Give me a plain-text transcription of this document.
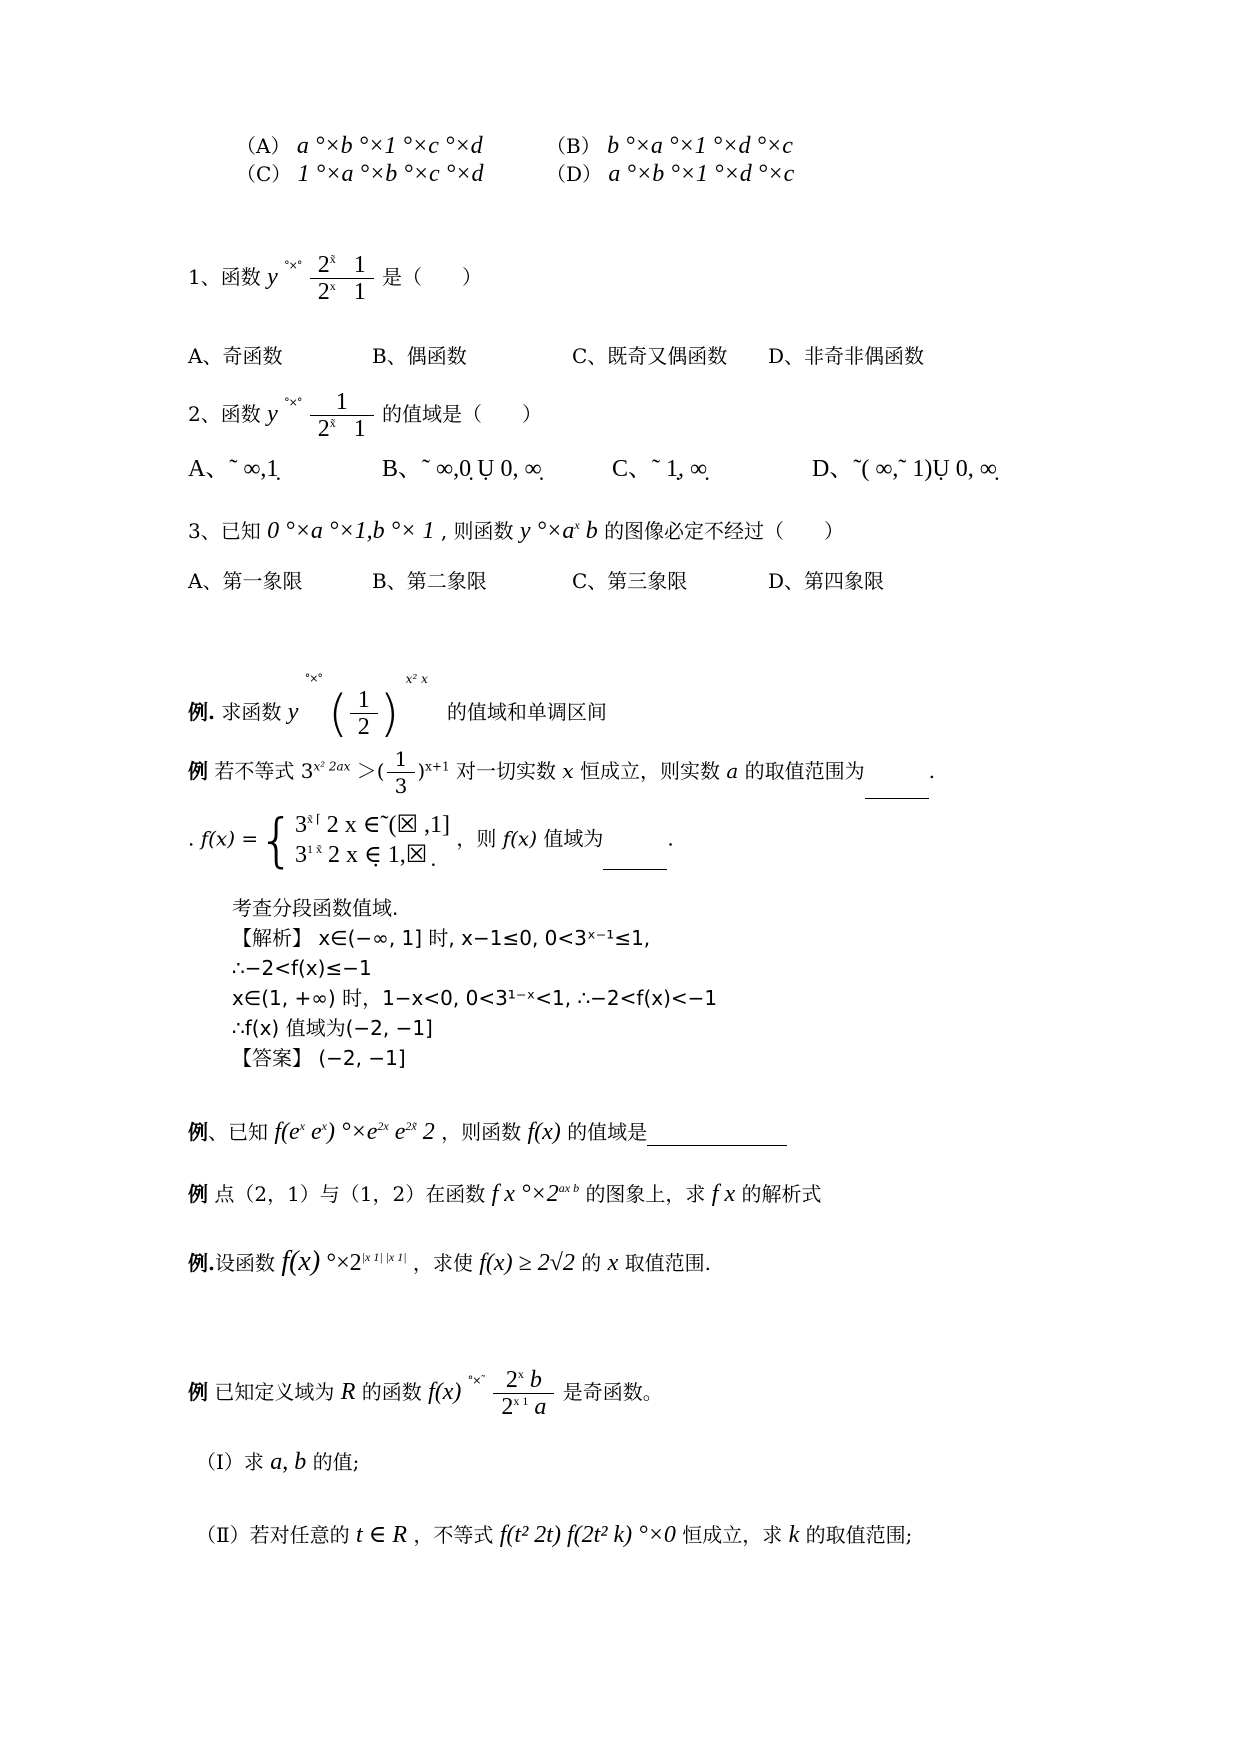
（A） a °×b °×1 °×c °×d	（B） b °×a °×1 °×d °×c
（C） 1 °×a °×b °×c °×d	（D） a °×b °×1 °×d °×c
1、函数 y $^{^\circ\times^\circ} \frac{2^{x̃} 1}{2^x 1}$ 是（　　）
A、奇函数	B、偶函数	C、既奇又偶函数 D、非奇非偶函数
2、函数 y $^{^\circ\times^\circ} \frac{1}{2^{x̃} 1}$ 的值域是（　　）
A、˜ ∞,1̣	B、˜ ∞,0̣ Ụ 0, ∞̣	C、˜ 1̣, ∞̣	D、˜( ∞,˜ 1)Ụ 0, ∞̣
3、已知 0 °×a °×1,b °× 1 , 则函数 y $^\circ\times a^x$ b 的图像必定不经过（　　）
A、第一象限	B、第二象限	C、第三象限	D、第四象限
例. 求函数 y °×° ( $\frac{1}{2}$ ) $^{x^2 x}$   的值域和单调区间
例 若不等式 $3^{x^2 2ax}$ ＞( $\frac{1}{3} )^{x+1}$ 对一切实数 x 恒成立，则实数 a 的取值范围为	.
. f(x) ={ $3^{x̃ ⌈}$ 2 x ∈˜(☒ ,1]
$3^{1 x̃}$ 2 x ∈̣ 1,☒ ̣
，则 f(x) 值域为	.
考查分段函数值域.
【解析】 x∈(−∞, 1] 时, x−1≤0, 0<3ˣ⁻¹≤1,
∴−2<f(x)≤−1
x∈(1, +∞) 时，1−x<0, 0<3¹⁻ˣ<1, ∴−2<f(x)<−1
∴f(x) 值域为(−2, −1]
【答案】 (−2, −1]
例、已知 $f(e^x$ $e^x$) $^\circ\times e^{2x}$ $e^{2x̃}$ 2 ，则函数 f(x) 的值域是
例 点（2，1）与（1，2）在函数 f x $^\circ\times 2^{ax b}$ 的图象上，求 f x 的解析式
例.设函数 f(x) $^\circ\times 2^{|x 1| |x 1|}$ ，求使 f(x) ≥ 2√2 的 x 取值范围.
例 已知定义域为 R 的函数 f(x) $^{^\circ\times˜} \frac{2^x b}{2^{x 1} a}$ 是奇函数。
（Ⅰ）求 a, b 的值;
（Ⅱ）若对任意的 t ∈ R ，不等式 f(t² 2t) f(2t² k) °×0 恒成立，求 k 的取值范围;
